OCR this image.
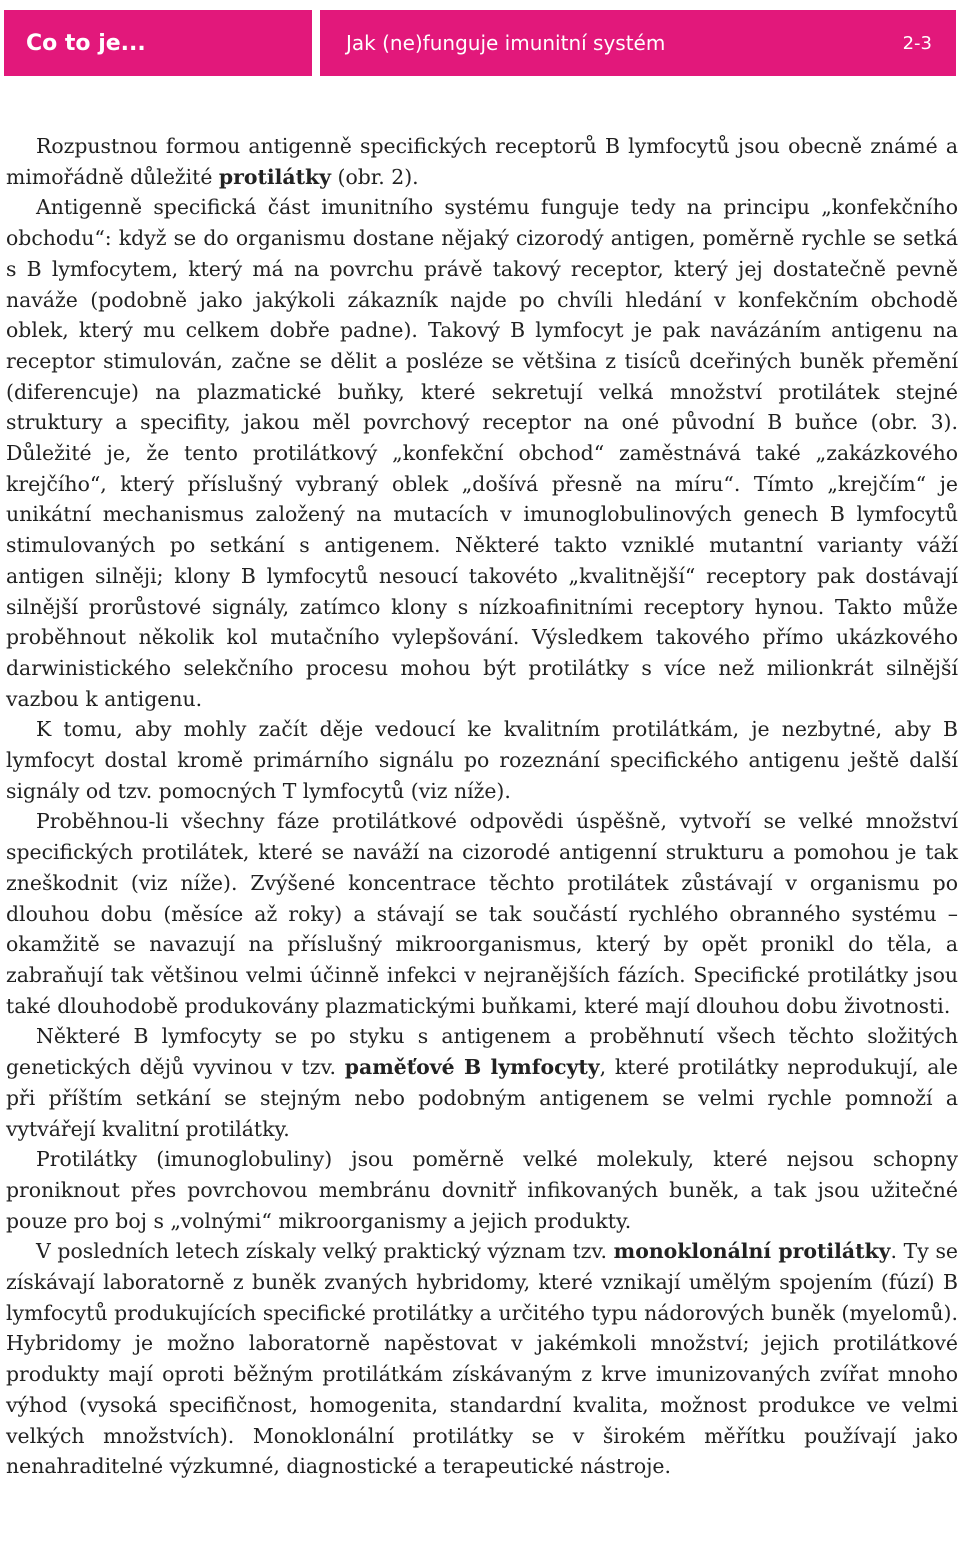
Co to je...	Jak (ne)funguje imunitní systém	2-3

Rozpustnou formou antigenně specifických receptorů B lymfocytů jsou obecně známé a mimořádně důležité protilátky (obr. 2).

Antigenně specifická část imunitního systému funguje tedy na principu „konfekčního obchodu“: když se do organismu dostane nějaký cizorodý antigen, poměrně rychle se setká s B lymfocytem, který má na povrchu právě takový receptor, který jej dostatečně pevně naváže (podobně jako jakýkoli zákazník najde po chvíli hledání v konfekčním obchodě oblek, který mu celkem dobře padne). Takový B lymfocyt je pak navázáním antigenu na receptor stimulován, začne se dělit a posléze se většina z tisíců dceřiných buněk přemění (diferencuje) na plazmatické buňky, které sekretují velká množství protilátek stejné struktury a specifity, jakou měl povrchový receptor na oné původní B buňce (obr. 3). Důležité je, že tento protilátkový „konfekční obchod“ zaměstnává také „zakázkového krejčího“, který příslušný vybraný oblek „došívá přesně na míru“. Tímto „krejčím“ je unikátní mechanismus založený na mutacích v imunoglobulinových genech B lymfocytů stimulovaných po setkání s antigenem. Některé takto vzniklé mutantní varianty váží antigen silněji; klony B lymfocytů nesoucí takovéto „kvalitnější“ receptory pak dostávají silnější prorůstové signály, zatímco klony s nízkoafinitními receptory hynou. Takto může proběhnout několik kol mutačního vylepšování. Výsledkem takového přímo ukázkového darwinistického selekčního procesu mohou být protilátky s více než milionkrát silnější vazbou k antigenu.

K tomu, aby mohly začít děje vedoucí ke kvalitním protilátkám, je nezbytné, aby B lymfocyt dostal kromě primárního signálu po rozeznání specifického antigenu ještě další signály od tzv. pomocných T lymfocytů (viz níže).

Proběhnou-li všechny fáze protilátkové odpovědi úspěšně, vytvoří se velké množství specifických protilátek, které se naváží na cizorodé antigenní strukturu a pomohou je tak zneškodnit (viz níže). Zvýšené koncentrace těchto protilátek zůstávají v organismu po dlouhou dobu (měsíce až roky) a stávají se tak součástí rychlého obranného systému – okamžitě se navazují na příslušný mikroorganismus, který by opět pronikl do těla, a zabraňují tak většinou velmi účinně infekci v nejranějších fázích. Specifické protilátky jsou také dlouhodobě produkovány plazmatickými buňkami, které mají dlouhou dobu životnosti.

Některé B lymfocyty se po styku s antigenem a proběhnutí všech těchto složitých genetických dějů vyvinou v tzv. paměťové B lymfocyty, které protilátky neprodukují, ale při příštím setkání se stejným nebo podobným antigenem se velmi rychle pomnoží a vytvářejí kvalitní protilátky.

Protilátky (imunoglobuliny) jsou poměrně velké molekuly, které nejsou schopny proniknout přes povrchovou membránu dovnitř infikovaných buněk, a tak jsou užitečné pouze pro boj s „volnými“ mikroorganismy a jejich produkty.

V posledních letech získaly velký praktický význam tzv. monoklonální protilátky. Ty se získávají laboratorně z buněk zvaných hybridomy, které vznikají umělým spojením (fúzí) B lymfocytů produkujících specifické protilátky a určitého typu nádorových buněk (myelomů). Hybridomy je možno laboratorně napěstovat v jakémkoli množství; jejich protilátkové produkty mají oproti běžným protilátkám získávaným z krve imunizovaných zvířat mnoho výhod (vysoká specifičnost, homogenita, standardní kvalita, možnost produkce ve velmi velkých množstvích). Monoklonální protilátky se v širokém měřítku používají jako nenahraditelné výzkumné, diagnostické a terapeutické nástroje.
